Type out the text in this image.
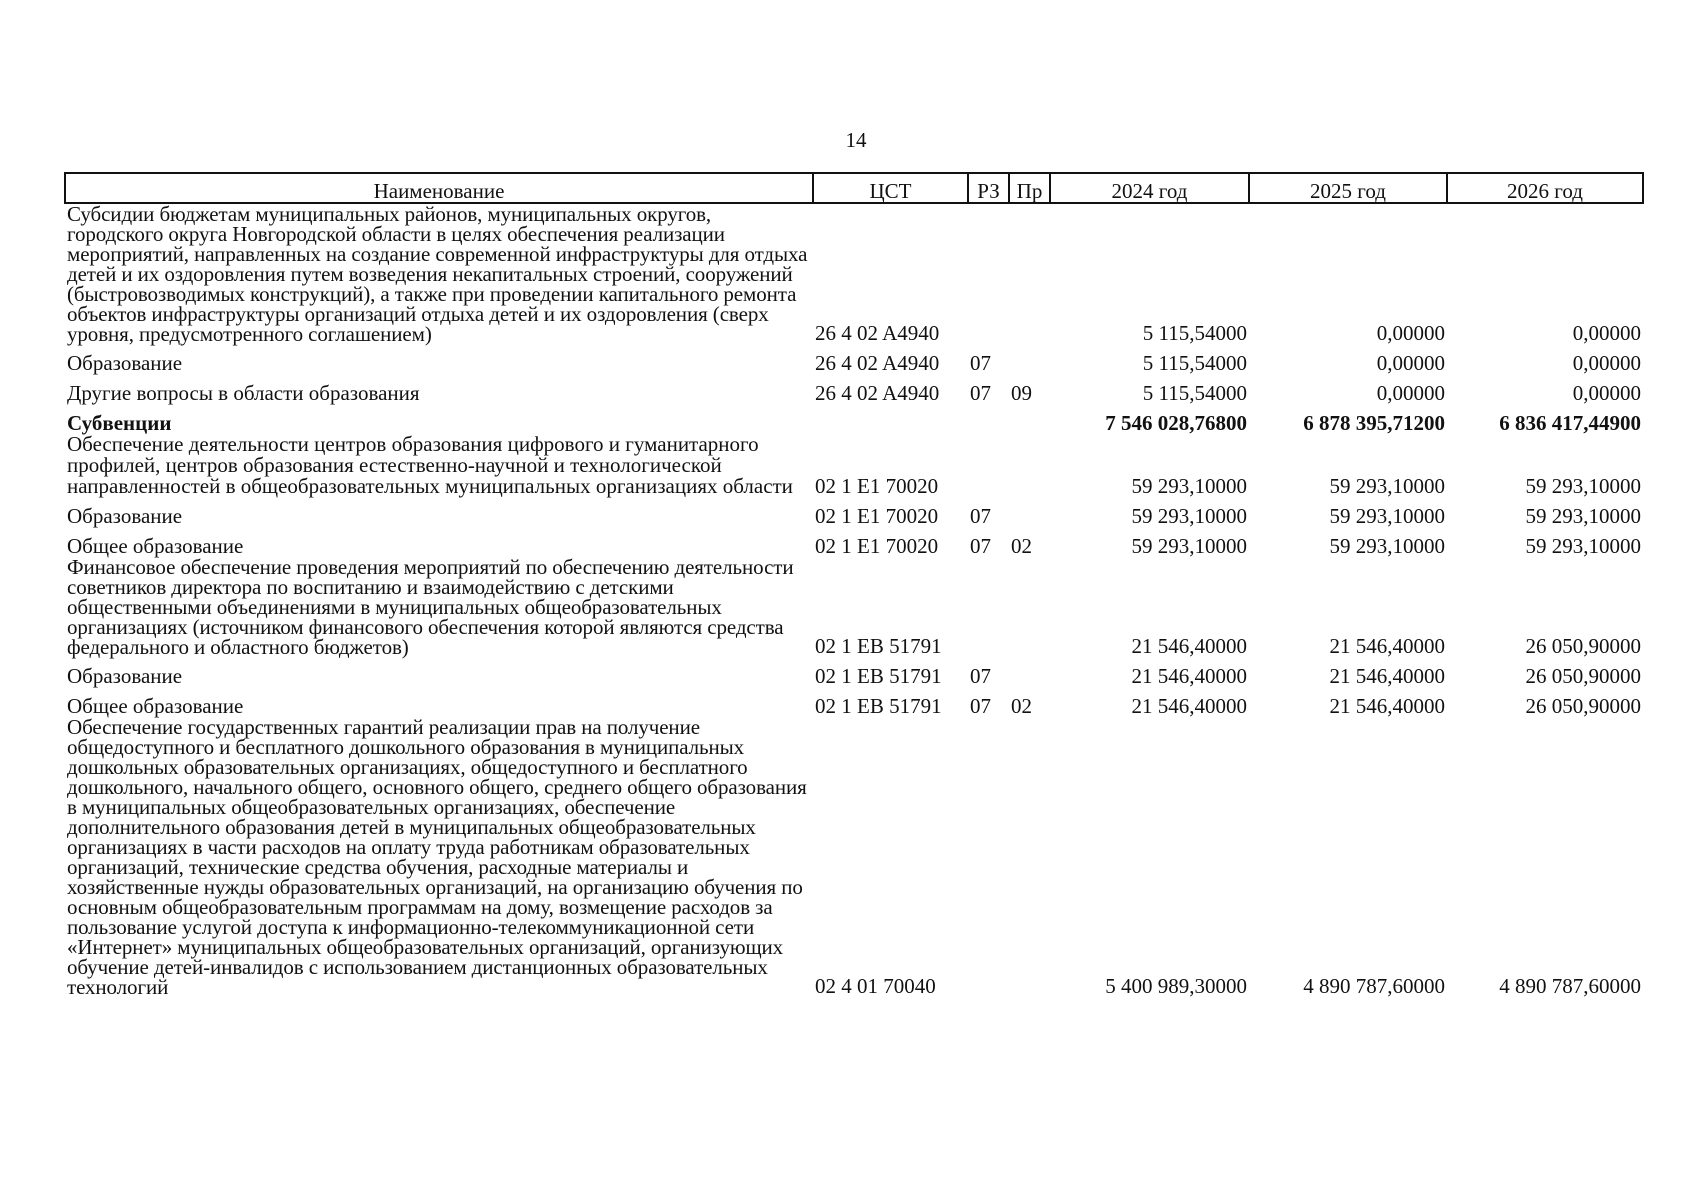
14
Наименование	ЦСТ	РЗ	Пр	2024 год	2025 год	2026 год
Субсидии бюджетам муниципальных районов, муниципальных округов, городского округа Новгородской области в целях обеспечения реализации мероприятий, направленных на создание современной инфраструктуры для отдыха детей и их оздоровления путем возведения некапитальных строений, сооружений (быстровозводимых конструкций), а также при проведении капитального ремонта объектов инфраструктуры организаций отдыха детей и их оздоровления (сверх уровня, предусмотренного соглашением)	26 4 02 A4940			5 115,54000	0,00000	0,00000
Образование	26 4 02 A4940	07		5 115,54000	0,00000	0,00000
Другие вопросы в области образования	26 4 02 A4940	07	09	5 115,54000	0,00000	0,00000
Субвенции				7 546 028,76800	6 878 395,71200	6 836 417,44900
Обеспечение деятельности центров образования цифрового и гуманитарного профилей, центров образования естественно-научной и технологической направленностей в общеобразовательных муниципальных организациях области	02 1 E1 70020			59 293,10000	59 293,10000	59 293,10000
Образование	02 1 E1 70020	07		59 293,10000	59 293,10000	59 293,10000
Общее образование	02 1 E1 70020	07	02	59 293,10000	59 293,10000	59 293,10000
Финансовое обеспечение проведения мероприятий по обеспечению деятельности советников директора по воспитанию и взаимодействию с детскими общественными объединениями в муниципальных общеобразовательных организациях (источником финансового обеспечения которой являются средства федерального и областного бюджетов)	02 1 EB 51791			21 546,40000	21 546,40000	26 050,90000
Образование	02 1 EB 51791	07		21 546,40000	21 546,40000	26 050,90000
Общее образование	02 1 EB 51791	07	02	21 546,40000	21 546,40000	26 050,90000
Обеспечение государственных гарантий реализации прав на получение общедоступного и бесплатного дошкольного образования в муниципальных дошкольных образовательных организациях, общедоступного и бесплатного дошкольного, начального общего, основного общего, среднего общего образования в муниципальных общеобразовательных организациях, обеспечение дополнительного образования детей в муниципальных общеобразовательных организациях в части расходов на оплату труда работникам образовательных организаций, технические средства обучения, расходные материалы и хозяйственные нужды образовательных организаций, на организацию обучения по основным общеобразовательным программам на дому, возмещение расходов за пользование услугой доступа к информационно-телекоммуникационной сети «Интернет» муниципальных общеобразовательных организаций, организующих обучение детей-инвалидов с использованием дистанционных образовательных технологий	02 4 01 70040			5 400 989,30000	4 890 787,60000	4 890 787,60000
